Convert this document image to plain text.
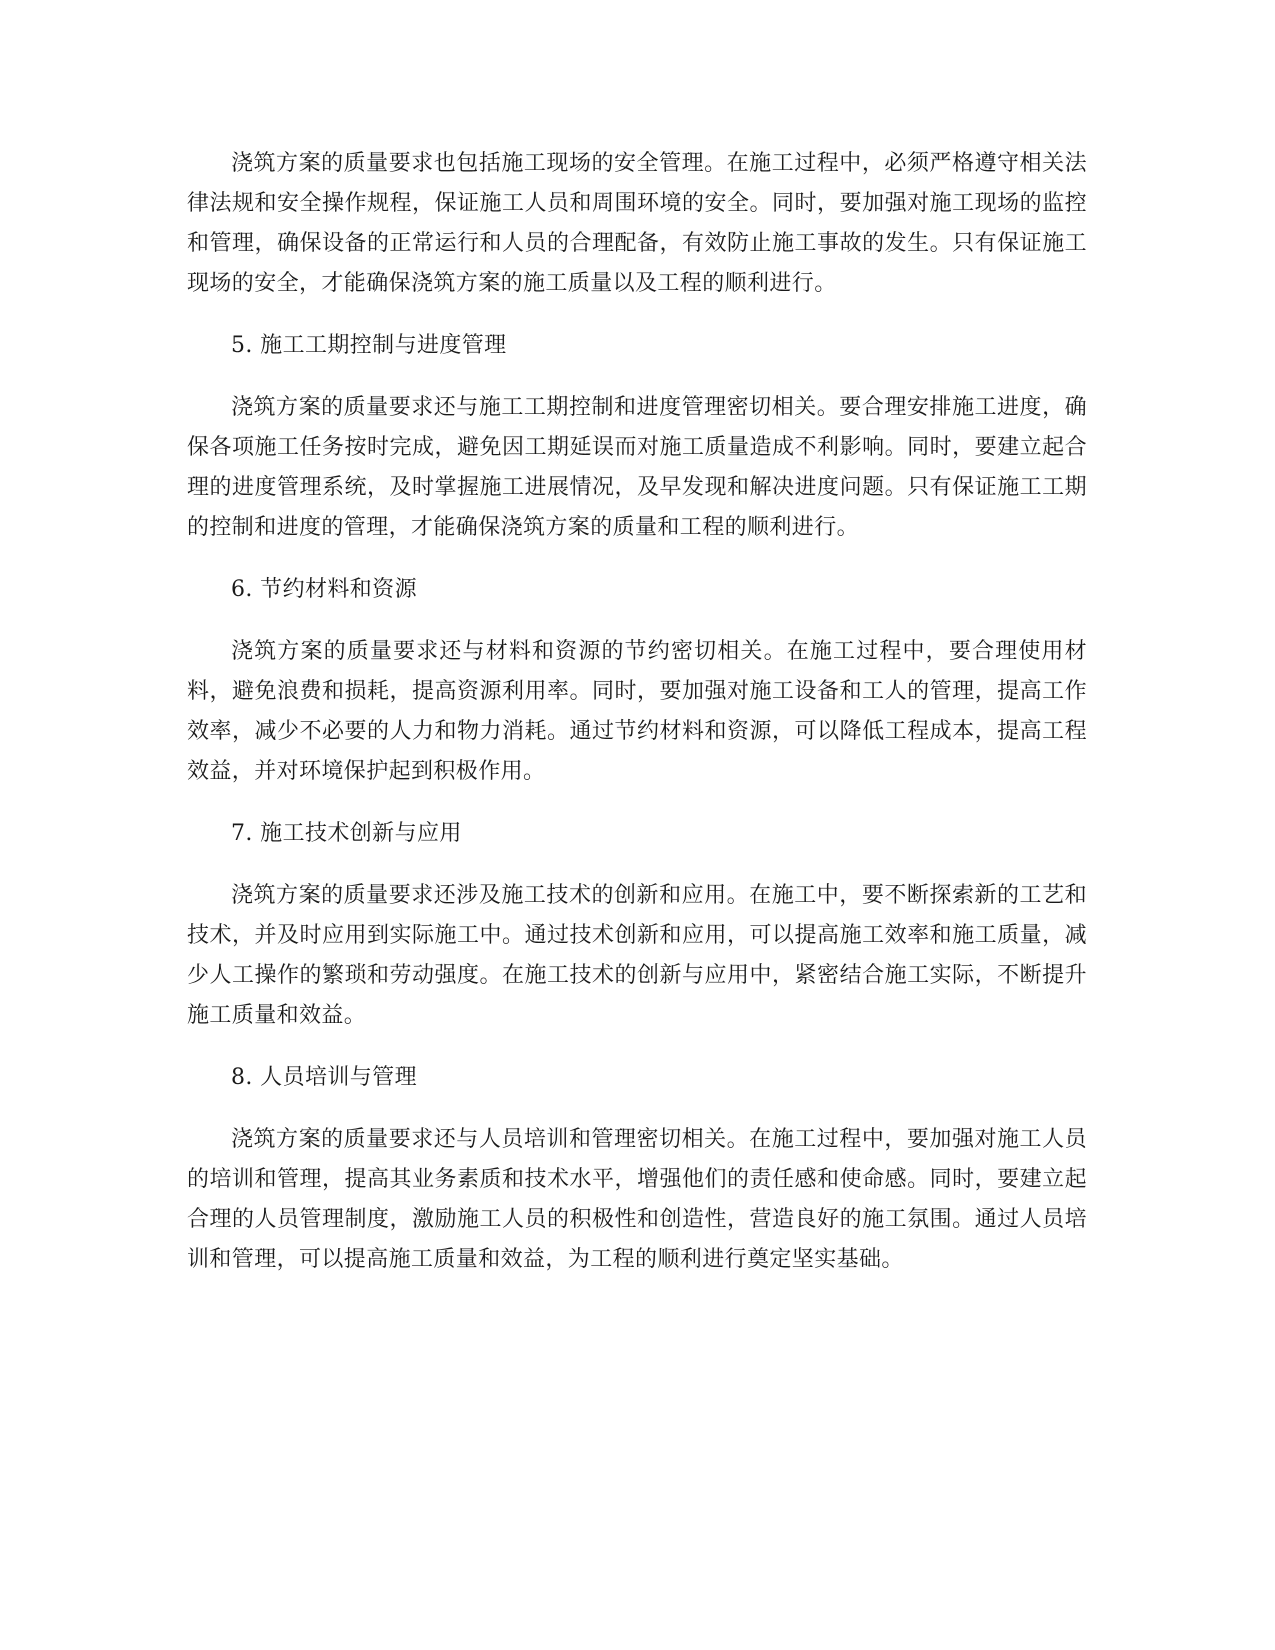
浇筑方案的质量要求也包括施工现场的安全管理。在施工过程中，必须严格遵守相关法律法规和安全操作规程，保证施工人员和周围环境的安全。同时，要加强对施工现场的监控和管理，确保设备的正常运行和人员的合理配备，有效防止施工事故的发生。只有保证施工现场的安全，才能确保浇筑方案的施工质量以及工程的顺利进行。

5. 施工工期控制与进度管理

浇筑方案的质量要求还与施工工期控制和进度管理密切相关。要合理安排施工进度，确保各项施工任务按时完成，避免因工期延误而对施工质量造成不利影响。同时，要建立起合理的进度管理系统，及时掌握施工进展情况，及早发现和解决进度问题。只有保证施工工期的控制和进度的管理，才能确保浇筑方案的质量和工程的顺利进行。

6. 节约材料和资源

浇筑方案的质量要求还与材料和资源的节约密切相关。在施工过程中，要合理使用材料，避免浪费和损耗，提高资源利用率。同时，要加强对施工设备和工人的管理，提高工作效率，减少不必要的人力和物力消耗。通过节约材料和资源，可以降低工程成本，提高工程效益，并对环境保护起到积极作用。

7. 施工技术创新与应用

浇筑方案的质量要求还涉及施工技术的创新和应用。在施工中，要不断探索新的工艺和技术，并及时应用到实际施工中。通过技术创新和应用，可以提高施工效率和施工质量，减少人工操作的繁琐和劳动强度。在施工技术的创新与应用中，紧密结合施工实际，不断提升施工质量和效益。

8. 人员培训与管理

浇筑方案的质量要求还与人员培训和管理密切相关。在施工过程中，要加强对施工人员的培训和管理，提高其业务素质和技术水平，增强他们的责任感和使命感。同时，要建立起合理的人员管理制度，激励施工人员的积极性和创造性，营造良好的施工氛围。通过人员培训和管理，可以提高施工质量和效益，为工程的顺利进行奠定坚实基础。
